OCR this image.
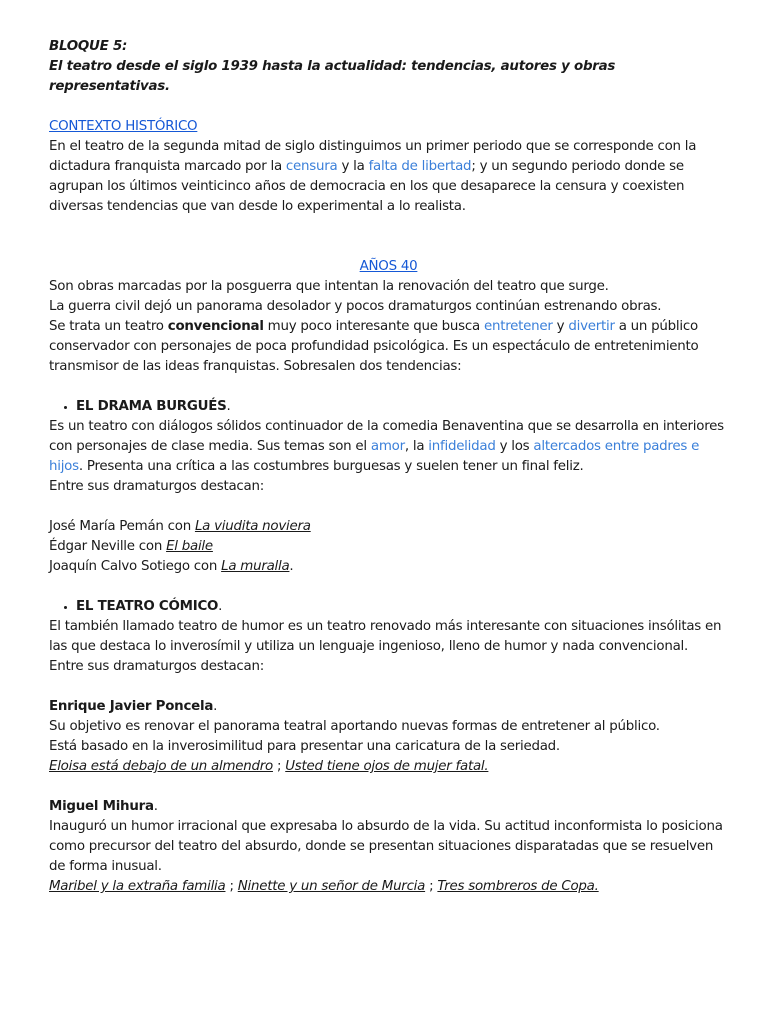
BLOQUE 5:

El teatro desde el siglo 1939 hasta la actualidad: tendencias, autores y obras representativas.

CONTEXTO HISTÓRICO

En el teatro de la segunda mitad de siglo distinguimos un primer periodo que se corresponde con la dictadura franquista marcado por la censura y la falta de libertad; y un segundo periodo donde se agrupan los últimos veinticinco años de democracia en los que desaparece la censura y coexisten diversas tendencias que van desde lo experimental a lo realista.

AÑOS 40

Son obras marcadas por la posguerra que intentan la renovación del teatro que surge.

La guerra civil dejó un panorama desolador y pocos dramaturgos continúan estrenando obras.

Se trata un teatro convencional muy poco interesante que busca entretener y divertir a un público conservador con personajes de poca profundidad psicológica. Es un espectáculo de entretenimiento transmisor de las ideas franquistas. Sobresalen dos tendencias:

• EL DRAMA BURGUÉS.

Es un teatro con diálogos sólidos continuador de la comedia Benaventina que se desarrolla en interiores con personajes de clase media. Sus temas son el amor, la infidelidad y los altercados entre padres e hijos. Presenta una crítica a las costumbres burguesas y suelen tener un final feliz.

Entre sus dramaturgos destacan:

José María Pemán con La viudita noviera

Édgar Neville con El baile

Joaquín Calvo Sotiego con La muralla.

• EL TEATRO CÓMICO.

El también llamado teatro de humor es un teatro renovado más interesante con situaciones insólitas en las que destaca lo inverosímil y utiliza un lenguaje ingenioso, lleno de humor y nada convencional.

Entre sus dramaturgos destacan:

Enrique Javier Poncela.

Su objetivo es renovar el panorama teatral aportando nuevas formas de entretener al público.

Está basado en la inverosimilitud para presentar una caricatura de la seriedad.

Eloisa está debajo de un almendro ; Usted tiene ojos de mujer fatal.

Miguel Mihura.

Inauguró un humor irracional que expresaba lo absurdo de la vida. Su actitud inconformista lo posiciona como precursor del teatro del absurdo, donde se presentan situaciones disparatadas que se resuelven de forma inusual.

Maribel y la extraña familia ; Ninette y un señor de Murcia ; Tres sombreros de Copa.
